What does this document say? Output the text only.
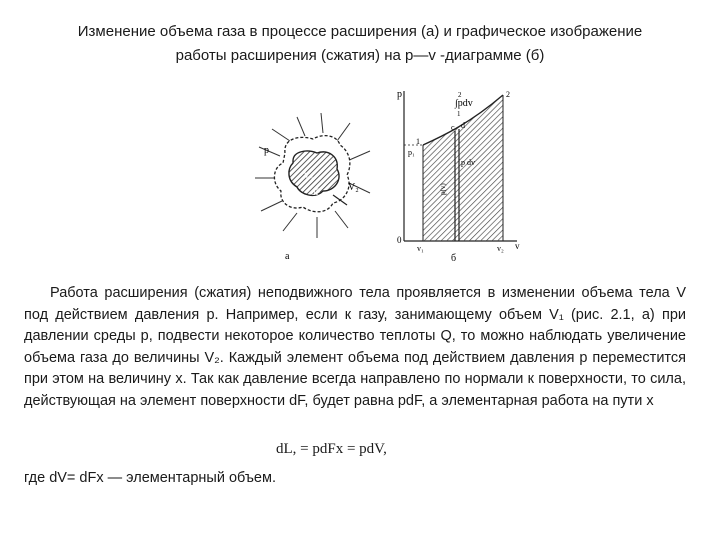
Изменение объема газа в процессе расширения (а) и графическое изображение
работы расширения (сжатия) на p—v -диаграмме (б)
p
V₁
V₂
dF
а
p
v
0
2
∫pdv
1
1
2
c d
p₁
p dv
p(v)
v₁	v₂
б
Работа расширения (сжатия) неподвижного тела проявляется в изменении объема тела V под действием давления р. Например, если к газу, занимающему объем V₁ (рис. 2.1, а) при давлении среды р, подвести некоторое количество теплоты Q, то можно наблюдать увеличение объема газа до величины V₂. Каждый элемент объема под действием давления р переместится при этом на величину х. Так как давление всегда направлено по нормали к поверхности, то сила, действующая на элемент поверхности dF, будет равна рdF, а элементарная работа на пути х
dL, = pdFx = pdV,
где dV= dFx — элементарный объем.
